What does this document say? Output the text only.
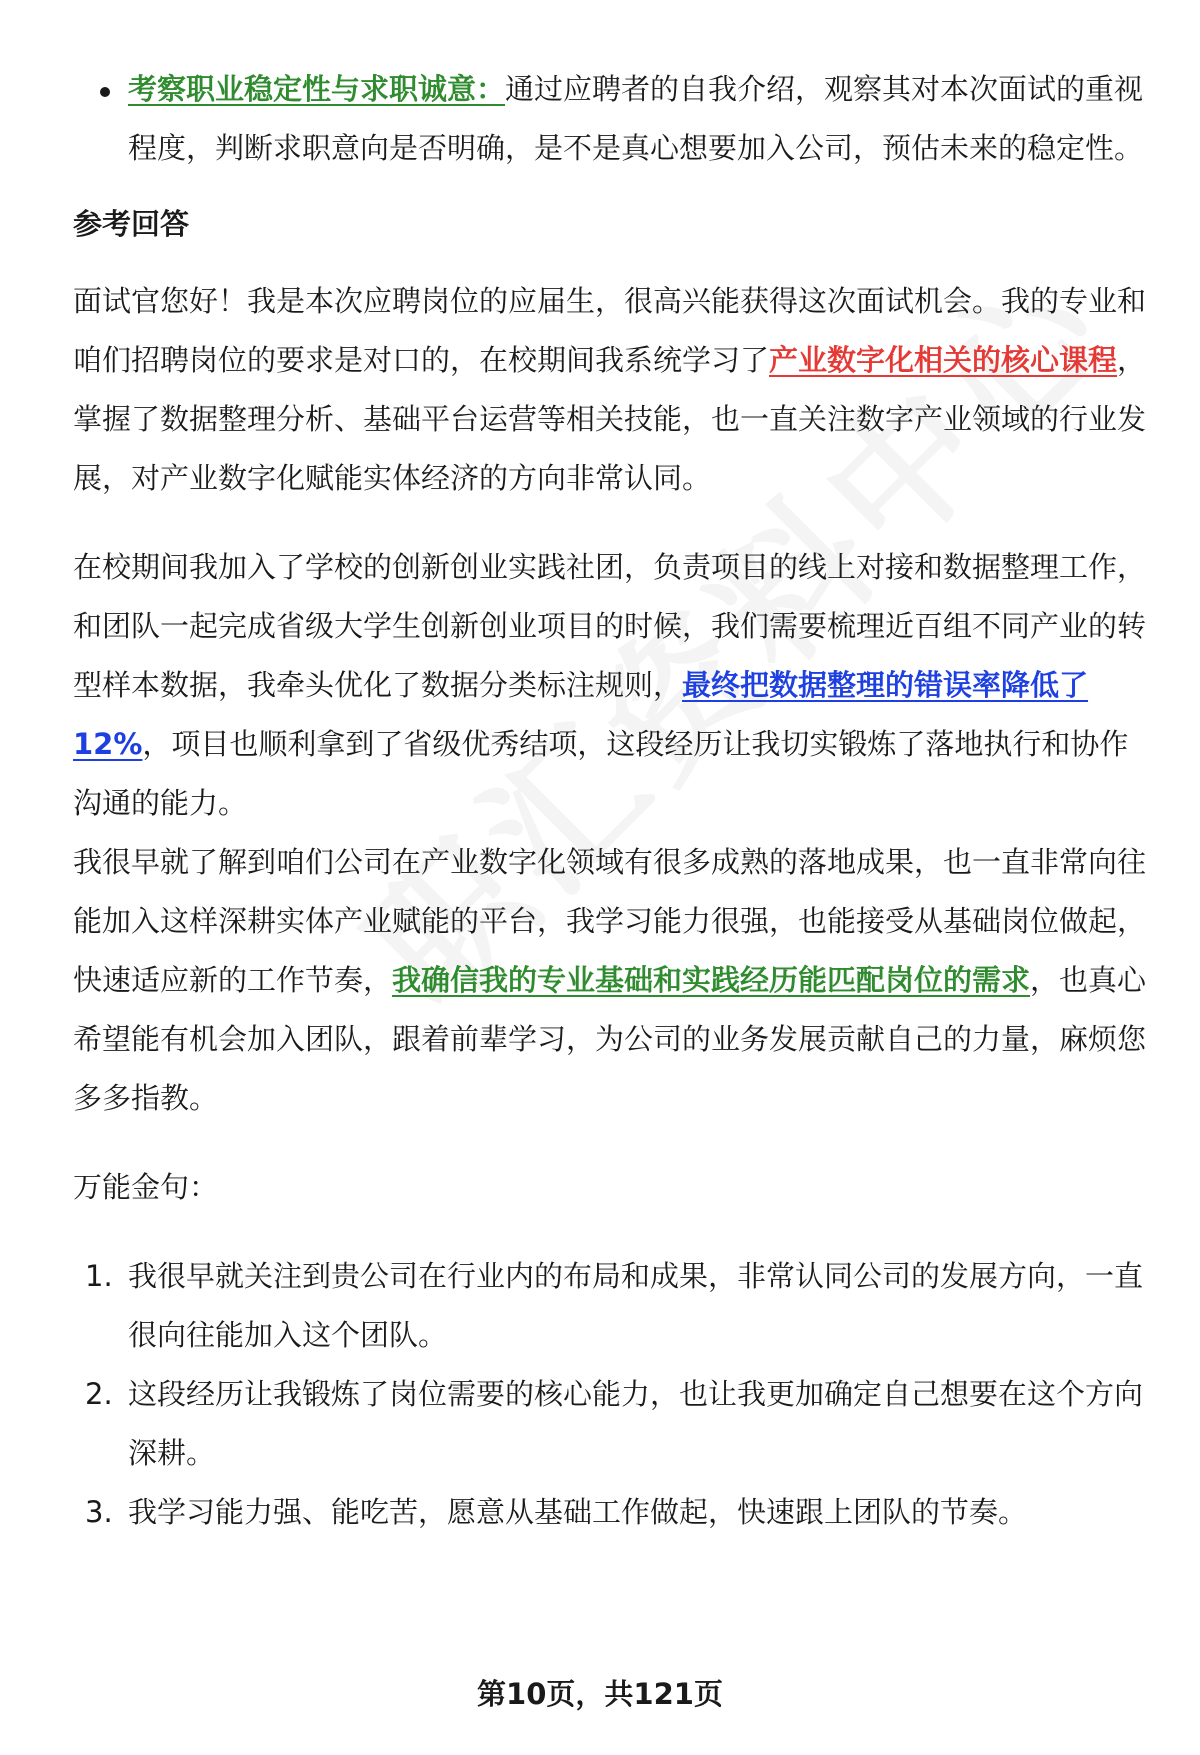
考察职业稳定性与求职诚意：通过应聘者的自我介绍，观察其对本次面试的重视程度，判断求职意向是否明确，是不是真心想要加入公司，预估未来的稳定性。
参考回答
面试官您好！我是本次应聘岗位的应届生，很高兴能获得这次面试机会。我的专业和咱们招聘岗位的要求是对口的，在校期间我系统学习了产业数字化相关的核心课程，掌握了数据整理分析、基础平台运营等相关技能，也一直关注数字产业领域的行业发展，对产业数字化赋能实体经济的方向非常认同。
在校期间我加入了学校的创新创业实践社团，负责项目的线上对接和数据整理工作，和团队一起完成省级大学生创新创业项目的时候，我们需要梳理近百组不同产业的转型样本数据，我牵头优化了数据分类标注规则，最终把数据整理的错误率降低了12%，项目也顺利拿到了省级优秀结项，这段经历让我切实锻炼了落地执行和协作沟通的能力。
我很早就了解到咱们公司在产业数字化领域有很多成熟的落地成果，也一直非常向往能加入这样深耕实体产业赋能的平台，我学习能力很强，也能接受从基础岗位做起，快速适应新的工作节奏，我确信我的专业基础和实践经历能匹配岗位的需求，也真心希望能有机会加入团队，跟着前辈学习，为公司的业务发展贡献自己的力量，麻烦您多多指教。
万能金句：
1. 我很早就关注到贵公司在行业内的布局和成果，非常认同公司的发展方向，一直很向往能加入这个团队。
2. 这段经历让我锻炼了岗位需要的核心能力，也让我更加确定自己想要在这个方向深耕。
3. 我学习能力强、能吃苦，愿意从基础工作做起，快速跟上团队的节奏。
第10页，共121页
